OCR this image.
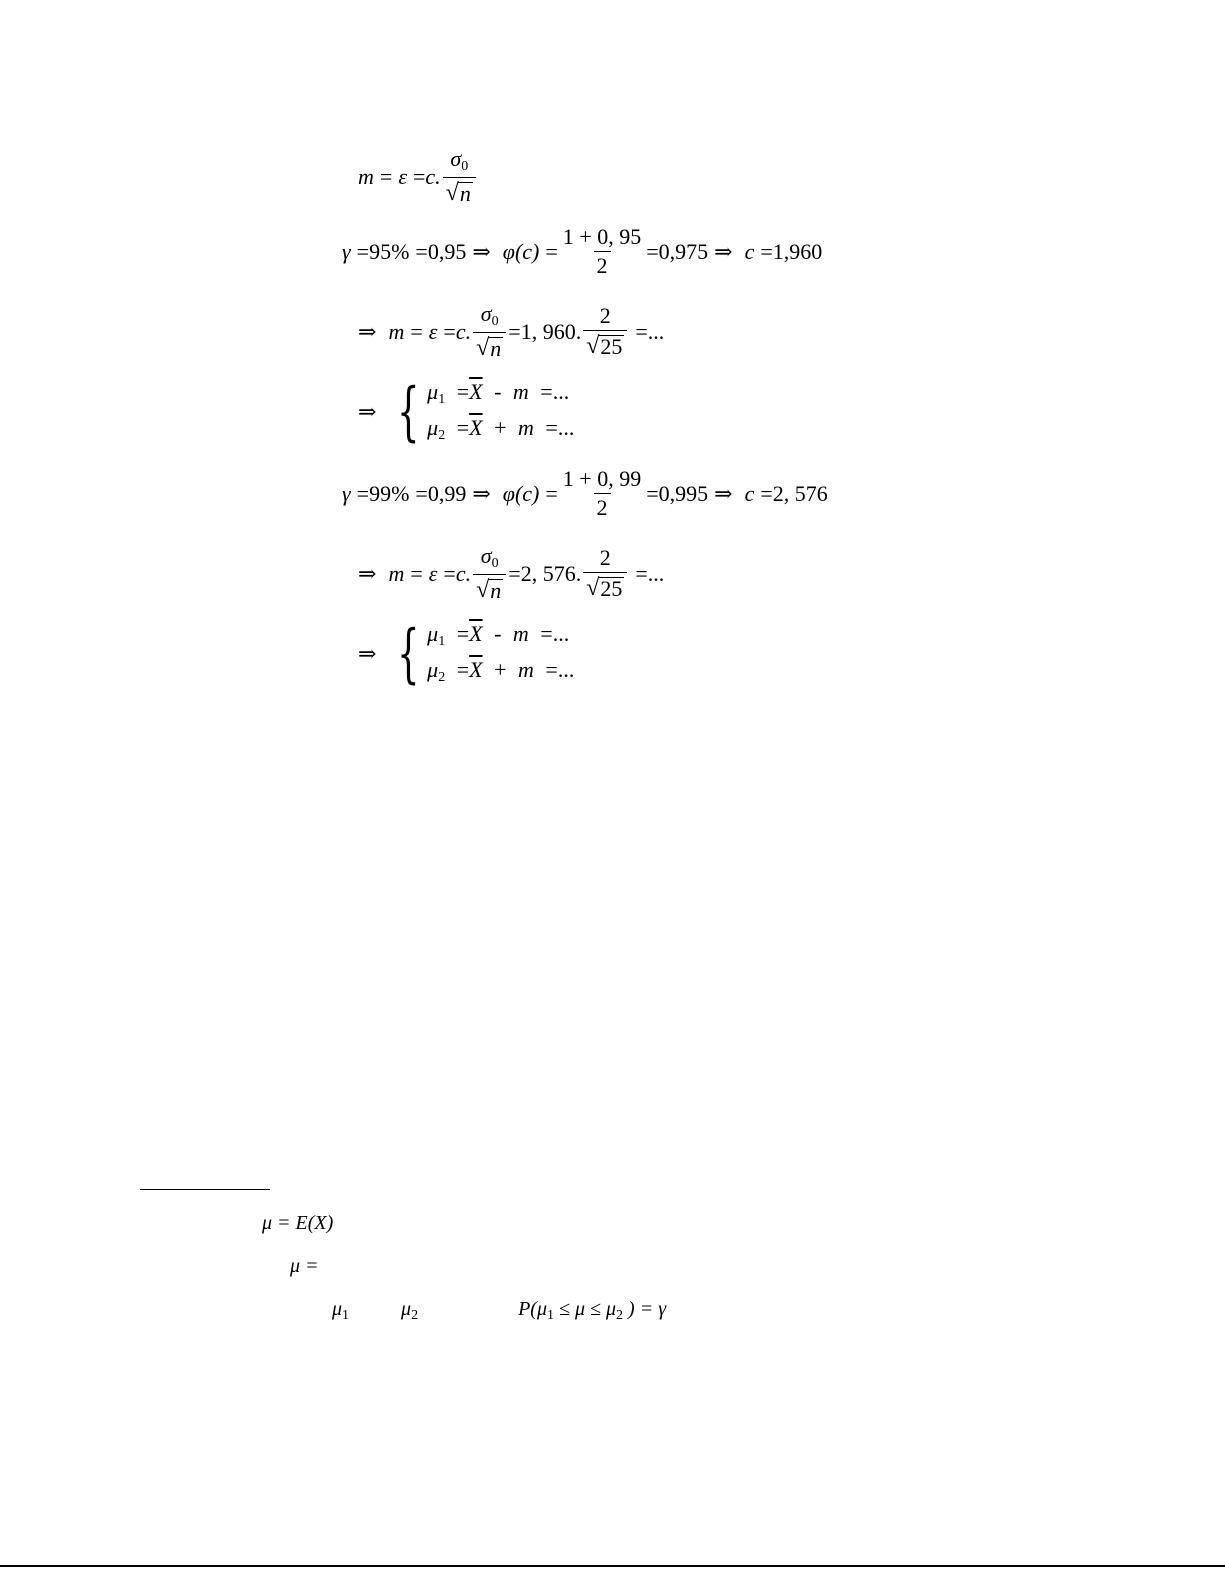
m = ε = c. $\frac{\sigma_0}{√ n}$
γ = 95% = 0,95 ⇒ $\varphi(c) = \frac{1 + 0, 95}{2} = 0,975$ ⇒ c = 1,960
⇒ m = ε = c. $\frac{\sigma_0}{√ n} = 1$, 960. $\frac{2}{√ 25}$ = ...
⇒ { $\mu_1 =\overline{X} - m$ =...
$\mu_2 =\overline{X} + m$ =...
γ = 99% = 0,99 ⇒ $\varphi(c) = \frac{1 + 0, 99}{2} = 0,995$ ⇒ c = 2, 576
⇒ m = ε = c. $\frac{\sigma_0}{√ n} = 2$, 576. $\frac{2}{√ 25}$ = ...
⇒ { $\mu_1 =\overline{X} - m$ =...
$\mu_2 =\overline{X} + m$ =...
μ = E(X)
μ =
$\mu_1$	$\mu_2$	$P(\mu_1 \le \mu \le \mu_2$ ) = γ
